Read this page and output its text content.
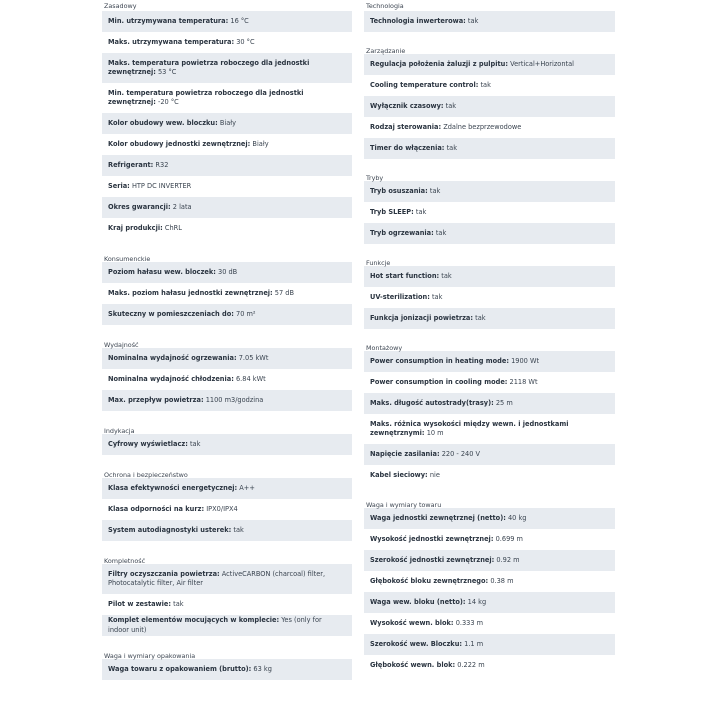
Zasadowy
Min. utrzymywana temperatura: 16 °C
Maks. utrzymywana temperatura: 30 °C
Maks. temperatura powietrza roboczego dla jednostki zewnętrznej: 53 °C
Min. temperatura powietrza roboczego dla jednostki zewnętrznej: -20 °C
Kolor obudowy wew. bloczku: Biały
Kolor obudowy jednostki zewnętrznej: Biały
Refrigerant: R32
Seria: HTP DC INVERTER
Okres gwarancji: 2 lata
Kraj produkcji: ChRL
Konsumenckie
Poziom hałasu wew. bloczek: 30 dB
Maks. poziom hałasu jednostki zewnętrznej: 57 dB
Skuteczny w pomieszczeniach do: 70 m²
Wydajność
Nominalna wydajność ogrzewania: 7.05 kWt
Nominalna wydajność chłodzenia: 6.84 kWt
Max. przepływ powietrza: 1100 m3/godzina
Indykacja
Cyfrowy wyświetlacz: tak
Ochrona i bezpieczeństwo
Klasa efektywności energetycznej: A++
Klasa odporności na kurz: IPX0/IPX4
System autodiagnostyki usterek: tak
Kompletność
Filtry oczyszczania powietrza: ActiveCARBON (charcoal) filter, Photocatalytic filter, Air filter
Pilot w zestawie: tak
Komplet elementów mocujących w komplecie: Yes (only for indoor unit)
Waga i wymiary opakowania
Waga towaru z opakowaniem (brutto): 63 kg
Technologia
Technologia inwerterowa: tak
Zarządzanie
Regulacja położenia żaluzji z pulpitu: Vertical+Horizontal
Cooling temperature control: tak
Wyłącznik czasowy: tak
Rodzaj sterowania: Zdalne bezprzewodowe
Timer do włączenia: tak
Tryby
Tryb osuszania: tak
Tryb SLEEP: tak
Tryb ogrzewania: tak
Funkcje
Hot start function: tak
UV-sterilization: tak
Funkcja jonizacji powietrza: tak
Montażowy
Power consumption in heating mode: 1900 Wt
Power consumption in cooling mode: 2118 Wt
Maks. długość autostrady(trasy): 25 m
Maks. różnica wysokości między wewn. i jednostkami zewnętrznymi: 10 m
Napięcie zasilania: 220 - 240 V
Kabel sieciowy: nie
Waga i wymiary towaru
Waga jednostki zewnętrznej (netto): 40 kg
Wysokość jednostki zewnętrznej: 0.699 m
Szerokość jednostki zewnętrznej: 0.92 m
Głębokość bloku zewnętrznego: 0.38 m
Waga wew. bloku (netto): 14 kg
Wysokość wewn. blok: 0.333 m
Szerokość wew. Bloczku: 1.1 m
Głębokość wewn. blok: 0.222 m
